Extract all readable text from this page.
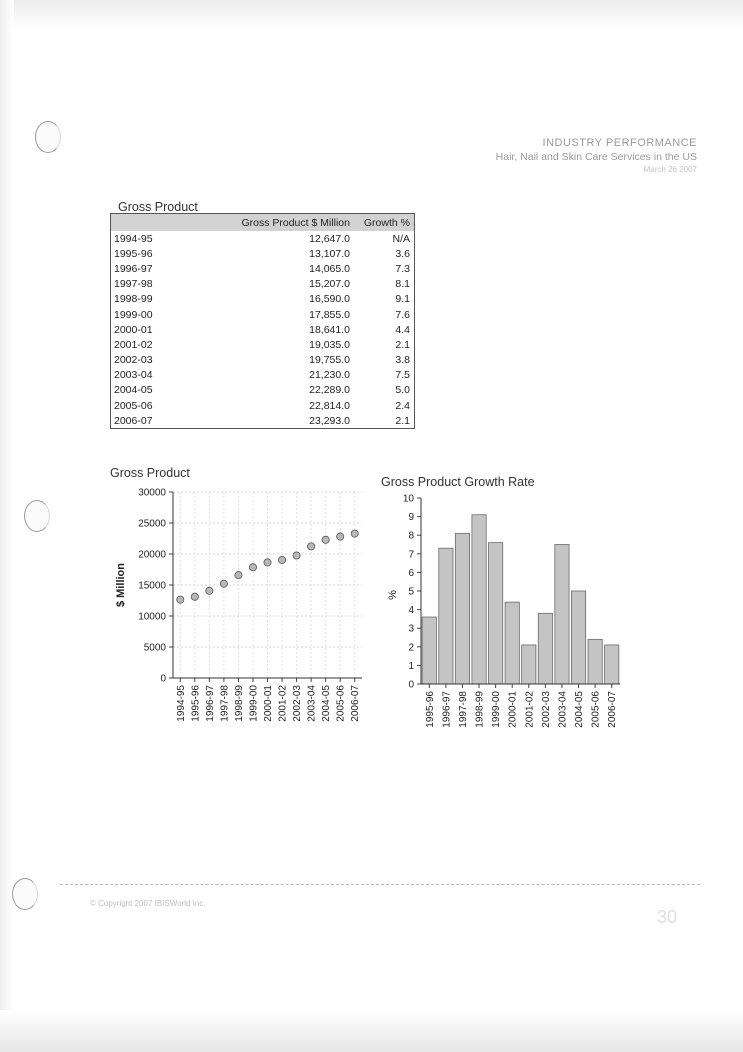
INDUSTRY PERFORMANCE
Hair, Nail and Skin Care Services in the US
March 26 2007
Gross Product
	Gross Product $ Million	Growth %
1994-95	12,647.0	N/A
1995-96	13,107.0	3.6
1996-97	14,065.0	7.3
1997-98	15,207.0	8.1
1998-99	16,590.0	9.1
1999-00	17,855.0	7.6
2000-01	18,641.0	4.4
2001-02	19,035.0	2.1
2002-03	19,755.0	3.8
2003-04	21,230.0	7.5
2004-05	22,289.0	5.0
2005-06	22,814.0	2.4
2006-07	23,293.0	2.1
Gross Product
0
5000
10000
15000
20000
25000
30000
1994-95 1995-96 1996-97 1997-98 1998-99 1999-00 2000-01 2001-02 2002-03 2003-04 2004-05 2005-06 2006-07
$ Million
Gross Product Growth Rate
0
1
2
3
4
5
6
7
8
9
10
1995-96 1996-97 1997-98 1998-99 1999-00 2000-01 2001-02 2002-03 2003-04 2004-05 2005-06 2006-07
%
© Copyright 2007 IBISWorld Inc.
30
